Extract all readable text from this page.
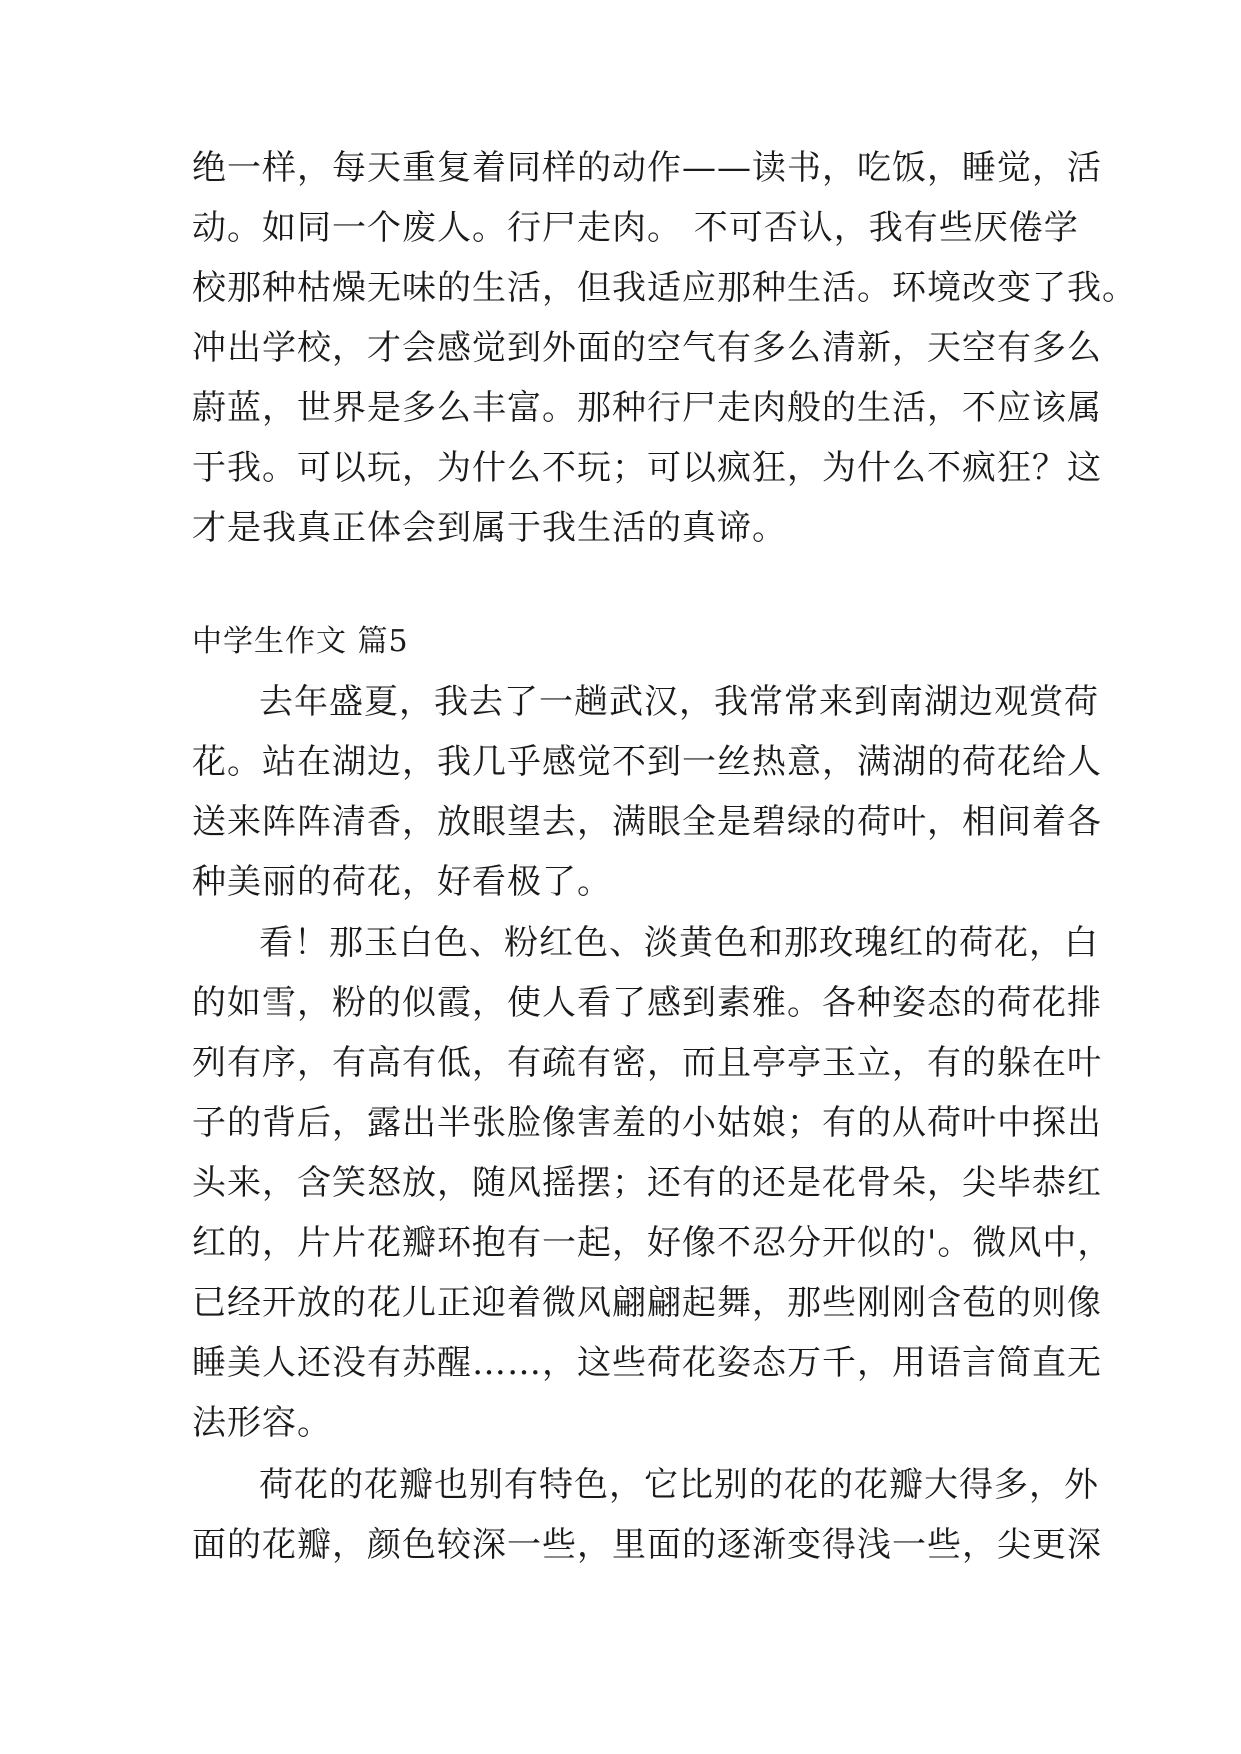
绝一样，每天重复着同样的动作——读书，吃饭，睡觉，活
动。如同一个废人。行尸走肉。 不可否认，我有些厌倦学
校那种枯燥无味的生活，但我适应那种生活。环境改变了我。
冲出学校，才会感觉到外面的空气有多么清新，天空有多么
蔚蓝，世界是多么丰富。那种行尸走肉般的生活，不应该属
于我。可以玩，为什么不玩；可以疯狂，为什么不疯狂？这
才是我真正体会到属于我生活的真谛。
中学生作文 篇5
去年盛夏，我去了一趟武汉，我常常来到南湖边观赏荷
花。站在湖边，我几乎感觉不到一丝热意，满湖的荷花给人
送来阵阵清香，放眼望去，满眼全是碧绿的荷叶，相间着各
种美丽的荷花，好看极了。
看！那玉白色、粉红色、淡黄色和那玫瑰红的荷花，白
的如雪，粉的似霞，使人看了感到素雅。各种姿态的荷花排
列有序，有高有低，有疏有密，而且亭亭玉立，有的躲在叶
子的背后，露出半张脸像害羞的小姑娘；有的从荷叶中探出
头来，含笑怒放，随风摇摆；还有的还是花骨朵，尖毕恭红
红的，片片花瓣环抱有一起，好像不忍分开似的'。微风中，
已经开放的花儿正迎着微风翩翩起舞，那些刚刚含苞的则像
睡美人还没有苏醒……，这些荷花姿态万千，用语言简直无
法形容。
荷花的花瓣也别有特色，它比别的花的花瓣大得多，外
面的花瓣，颜色较深一些，里面的逐渐变得浅一些，尖更深
